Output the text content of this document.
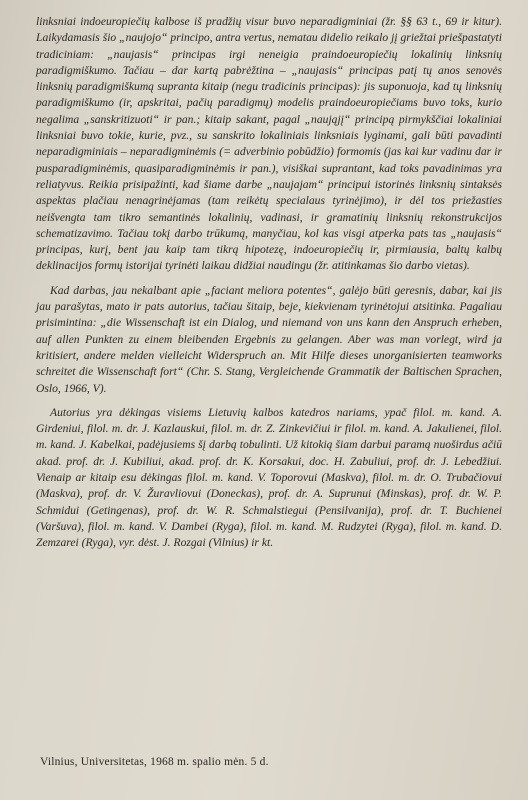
linksniai indoeuropiečių kalbose iš pradžių visur buvo neparadigminiai (žr. §§ 63 t., 69 ir kitur). Laikydamasis šio „naujojo“ principo, antra vertus, nematau didelio reikalo jį griežtai priešpastatyti tradiciniam: „naujasis“ principas irgi neneigia praindoeuropiečių lokalinių linksnių paradigmiškumo. Tačiau – dar kartą pabrėžtina – „naujasis“ principas patį tų anos senovės linksnių paradigmiškumą supranta kitaip (negu tradicinis principas): jis suponuoja, kad tų linksnių paradigmiškumo (ir, apskritai, pačių paradigmų) modelis praindoeuropiečiams buvo toks, kurio negalima „sanskritizuoti“ ir pan.; kitaip sakant, pagal „naująjį“ principą pirmykščiai lokaliniai linksniai buvo tokie, kurie, pvz., su sanskrito lokaliniais linksniais lyginami, gali būti pavadinti neparadigminiais – neparadigminėmis (= adverbinio pobūdžio) formomis (jas kai kur vadinu dar ir pusparadigminėmis, quasiparadigminėmis ir pan.), visiškai suprantant, kad toks pavadinimas yra reliatyvus. Reikia prisipažinti, kad šiame darbe „naujajam“ principui istorinės linksnių sintaksės aspektas plačiau nenagrinėjamas (tam reikėtų specialaus tyrinėjimo), ir dėl tos priežasties neišvengta tam tikro semantinės lokalinių, vadinasi, ir gramatinių linksnių rekonstrukcijos schematizavimo. Tačiau tokį darbo trūkumą, manyčiau, kol kas visgi atperka pats tas „naujasis“ principas, kurį, bent jau kaip tam tikrą hipotezę, indoeuropiečių ir, pirmiausia, baltų kalbų deklinacijos formų istorijai tyrinėti laikau didžiai naudingu (žr. atitinkamas šio darbo vietas).

Kad darbas, jau nekalbant apie „faciant meliora potentes“, galėjo būti geresnis, dabar, kai jis jau parašytas, mato ir pats autorius, tačiau šitaip, beje, kiekvienam tyrinėtojui atsitinka. Pagaliau prisimintina: „die Wissenschaft ist ein Dialog, und niemand von uns kann den Anspruch erheben, auf allen Punkten zu einem bleibenden Ergebnis zu gelangen. Aber was man vorlegt, wird ja kritisiert, andere melden vielleicht Widerspruch an. Mit Hilfe dieses unorganisierten teamworks schreitet die Wissenschaft fort“ (Chr. S. Stang, Vergleichende Grammatik der Baltischen Sprachen, Oslo, 1966, V).

Autorius yra dėkingas visiems Lietuvių kalbos katedros nariams, ypač filol. m. kand. A. Girdeniui, filol. m. dr. J. Kazlauskui, filol. m. dr. Z. Zinkevičiui ir filol. m. kand. A. Jakulienei, filol. m. kand. J. Kabelkai, padėjusiems šį darbą tobulinti. Už kitokią šiam darbui paramą nuoširdus ačiū akad. prof. dr. J. Kubiliui, akad. prof. dr. K. Korsakui, doc. H. Zabuliui, prof. dr. J. Lebedžiui. Vienaip ar kitaip esu dėkingas filol. m. kand. V. Toporovui (Maskva), filol. m. dr. O. Trubačiovui (Maskva), prof. dr. V. Žuravliovui (Doneckas), prof. dr. A. Suprunui (Minskas), prof. dr. W. P. Schmidui (Getingenas), prof. dr. W. R. Schmalstiegui (Pensilvanija), prof. dr. T. Buchienei (Varšuva), filol. m. kand. V. Dambei (Ryga), filol. m. kand. M. Rudzytei (Ryga), filol. m. kand. D. Zemzarei (Ryga), vyr. dėst. J. Rozgai (Vilnius) ir kt.

Vilnius, Universitetas, 1968 m. spalio mėn. 5 d.
